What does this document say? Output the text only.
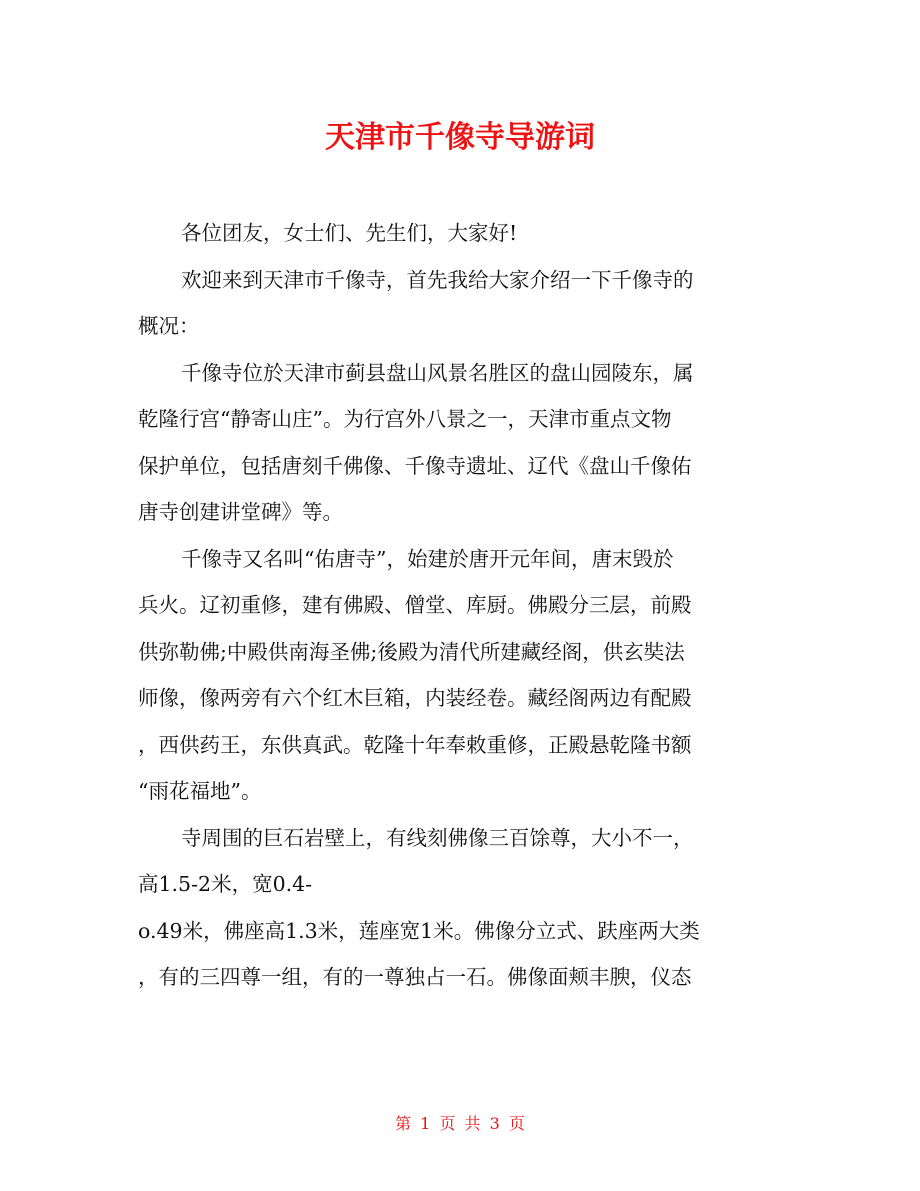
天津市千像寺导游词
各位团友，女士们、先生们，大家好!
欢迎来到天津市千像寺，首先我给大家介绍一下千像寺的
概况：
千像寺位於天津市蓟县盘山风景名胜区的盘山园陵东，属
乾隆行宫“静寄山庄”。为行宫外八景之一，天津市重点文物
保护单位，包括唐刻千佛像、千像寺遗址、辽代《盘山千像佑
唐寺创建讲堂碑》等。
千像寺又名叫“佑唐寺”，始建於唐开元年间，唐末毁於
兵火。辽初重修，建有佛殿、僧堂、库厨。佛殿分三层，前殿
供弥勒佛;中殿供南海圣佛;後殿为清代所建藏经阁，供玄奘法
师像，像两旁有六个红木巨箱，内装经卷。藏经阁两边有配殿
，西供药王，东供真武。乾隆十年奉敕重修，正殿悬乾隆书额
“雨花福地”。
寺周围的巨石岩壁上，有线刻佛像三百馀尊，大小不一，
高1.5-2米，宽0.4-
o.49米，佛座高1.3米，莲座宽1米。佛像分立式、趺座两大类
，有的三四尊一组，有的一尊独占一石。佛像面颊丰腴，仪态
第 1 页 共 3 页
